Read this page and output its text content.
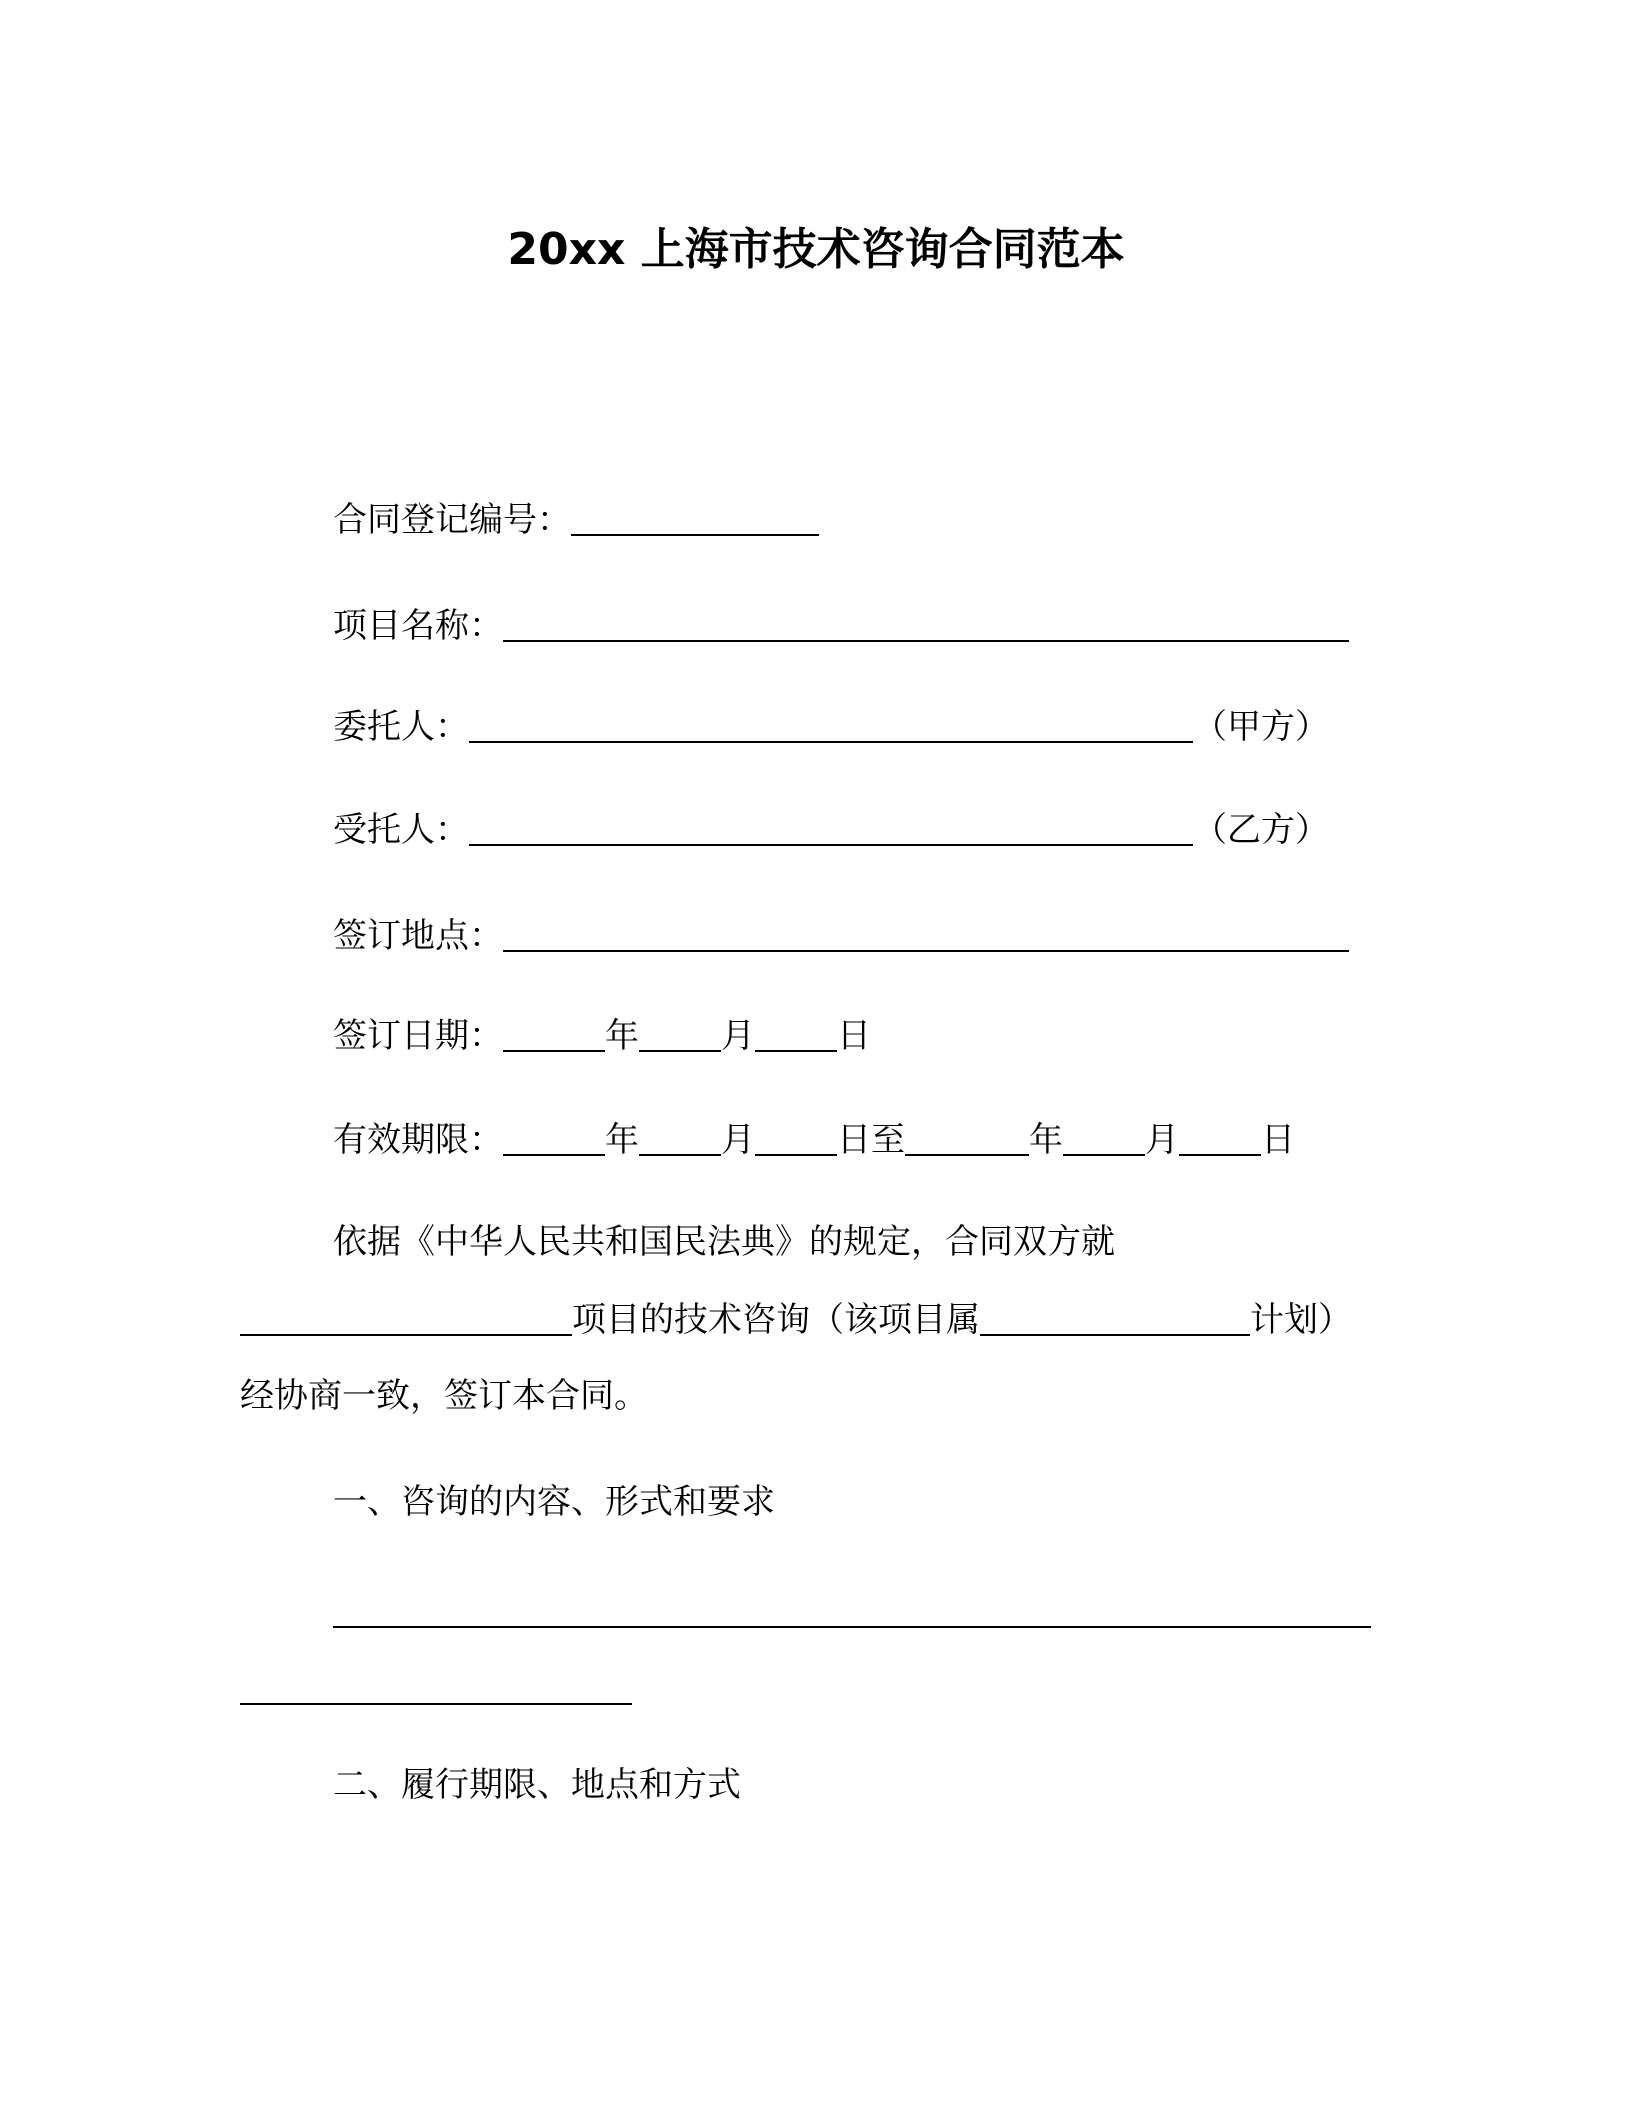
20xx 上海市技术咨询合同范本
合同登记编号：
项目名称：
委托人：	（甲方）
受托人：	（乙方）
签订地点：
签订日期：	年 月 日
有效期限：	年 月 日至	年 月 日
依据《中华人民共和国民法典》的规定，合同双方就
项目的技术咨询（该项目属	计划）
经协商一致，签订本合同。
一、咨询的内容、形式和要求
二、履行期限、地点和方式
